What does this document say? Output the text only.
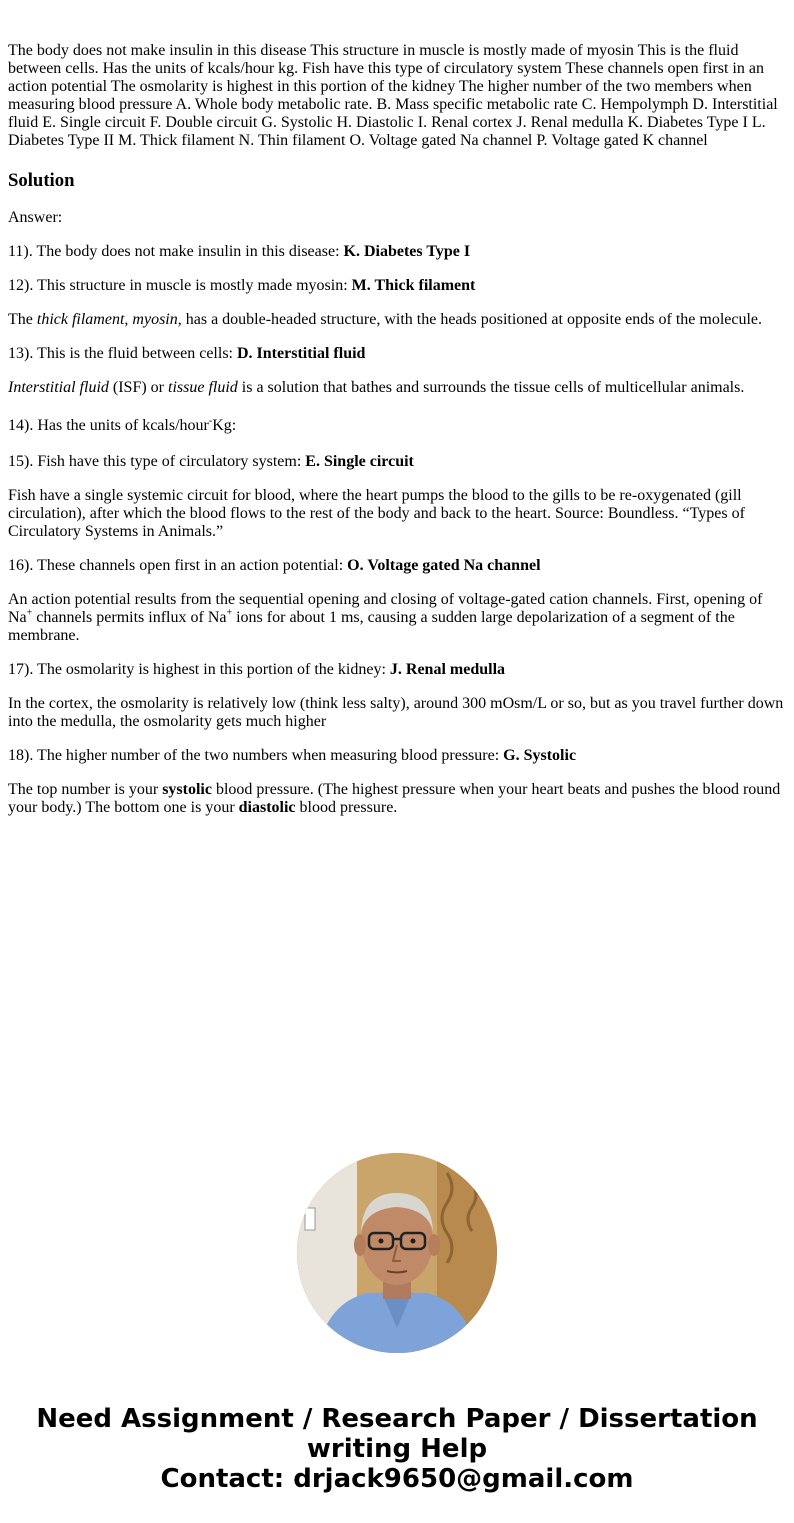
The body does not make insulin in this disease This structure in muscle is mostly made of myosin This is the fluid between cells. Has the units of kcals/hour kg. Fish have this type of circulatory system These channels open first in an action potential The osmolarity is highest in this portion of the kidney The higher number of the two members when measuring blood pressure A. Whole body metabolic rate. B. Mass specific metabolic rate C. Hempolymph D. Interstitial fluid E. Single circuit F. Double circuit G. Systolic H. Diastolic I. Renal cortex J. Renal medulla K. Diabetes Type I L. Diabetes Type II M. Thick filament N. Thin filament O. Voltage gated Na channel P. Voltage gated K channel

Solution

Answer:

11). The body does not make insulin in this disease: K. Diabetes Type I

12). This structure in muscle is mostly made myosin: M. Thick filament

The thick filament, myosin, has a double-headed structure, with the heads positioned at opposite ends of the molecule.

13). This is the fluid between cells: D. Interstitial fluid

Interstitial fluid (ISF) or tissue fluid is a solution that bathes and surrounds the tissue cells of multicellular animals.

14). Has the units of kcals/hour-Kg:

15). Fish have this type of circulatory system: E. Single circuit

Fish have a single systemic circuit for blood, where the heart pumps the blood to the gills to be re-oxygenated (gill circulation), after which the blood flows to the rest of the body and back to the heart. Source: Boundless. “Types of Circulatory Systems in Animals.”

16). These channels open first in an action potential: O. Voltage gated Na channel

An action potential results from the sequential opening and closing of voltage-gated cation channels. First, opening of Na+ channels permits influx of Na+ ions for about 1 ms, causing a sudden large depolarization of a segment of the membrane.

17). The osmolarity is highest in this portion of the kidney: J. Renal medulla

In the cortex, the osmolarity is relatively low (think less salty), around 300 mOsm/L or so, but as you travel further down into the medulla, the osmolarity gets much higher

18). The higher number of the two numbers when measuring blood pressure: G. Systolic

The top number is your systolic blood pressure. (The highest pressure when your heart beats and pushes the blood round your body.) The bottom one is your diastolic blood pressure.

Need Assignment / Research Paper / Dissertation
writing Help
Contact: drjack9650@gmail.com
